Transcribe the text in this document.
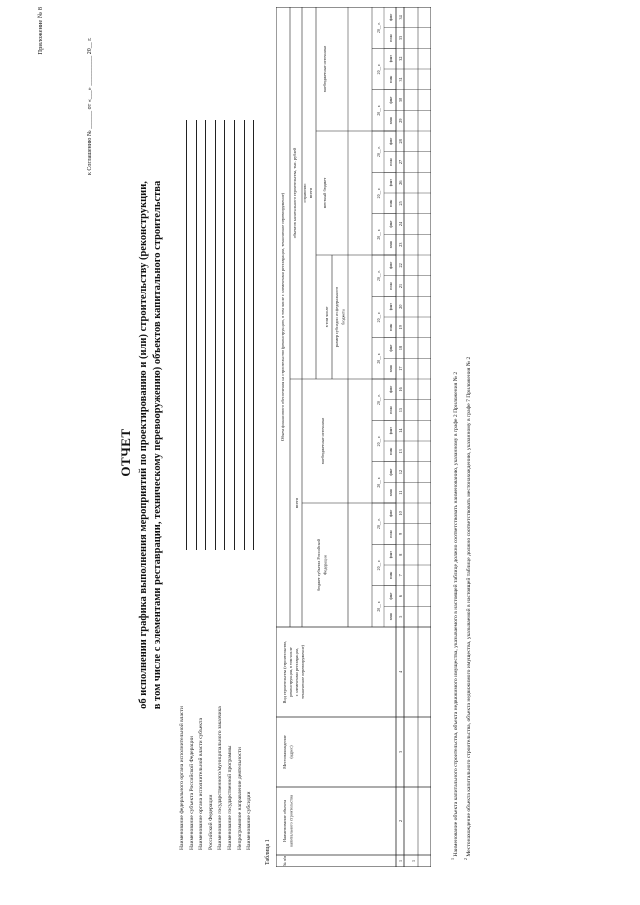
Приложение № 8
к Соглашению № ______ от «___» __________ 20__ г.
ОТЧЕТ об исполнении графика выполнения мероприятий по проектированию и (или) строительству (реконструкции, в том числе с элементами реставрации, техническому перевооружению) объектов капитального строительства
Наименование федерального органа исполнительной власти Наименование субъекта Российской Федерации Наименование органа исполнительной власти субъекта Российской Федерации Наименование государственного/муниципального заказчика Наименование государственной программы Непрограммное направление деятельности Наименование субсидии
Таблица 1	№ п/п
Наименование объекта капитального строительства
Местонахождение (адрес)
Вид строительства (строительство, реконструкция, в том числе с элементами реставрации, техническое перевооружение)
Объем финансового обеспечения на строительство (реконструкцию, в том числе с элементами реставрации, техническое перевооружение)
объектов капитального строительства, тыс. рублей
всего
всего
справочно
бюджет субъекта Российской Федерации
внебюджетные источники
в том числе размер субсидии из федерального бюджета
местный бюджет
внебюджетные источники
20__ г.
план
факт
20__ г.
план
факт
20__ г.
план
факт
20__ г.
план
факт
20__ г.
план
факт
20__ г.
план
факт
20__ г.
план
факт
20__ г.
план
факт
20__ г.
план
факт
20__ г.
план
факт
20__ г.
план
факт
20__ г.
план
факт
20__ г.
план
факт
20__ г.
план
факт
20__ г.
план
факт
1
2
3
4
5
6
7
8
9
10
11
12
13
14
15
16
17
18
19
20
21
22
23
24
25
26
27
28
29
30
31
32
33
34
1
$^1$ Наименование объекта капитального строительства, объекта недвижимого имущества, указываемого в настоящей таблице должно соответствовать наименованию, указанному в графе 2 Приложения № 2
$^2$ Местонахождение объекта капитального строительства, объекта недвижимого имущества, указываемой в настоящей таблице должно соответствовать местонахождению, указанному в графе 7 Приложения № 2
